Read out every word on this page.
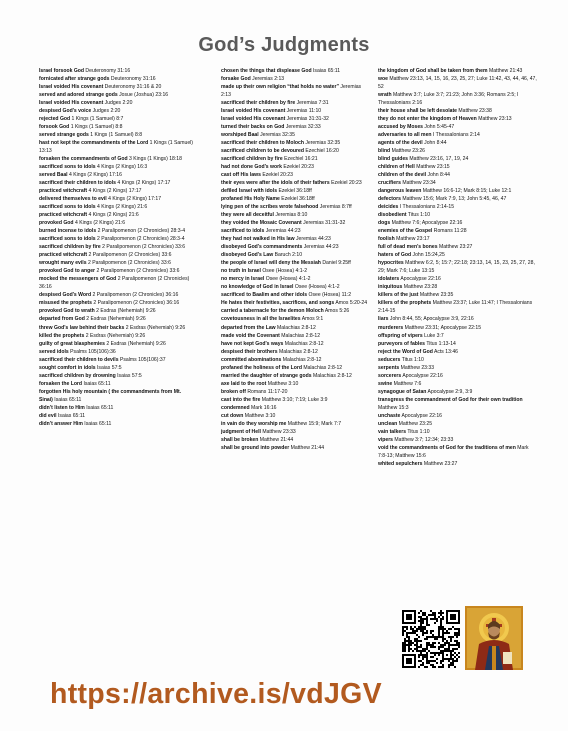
God’s Judgments
Israel forsook God Deuteronomy 31:16
fornicated after strange gods Deuteronomy 31:16
Israel voided His covenant Deuteronomy 31:16 & 20
served and adored strange gods Josue (Joshua) 23:16
Israel voided His covenant Judges 2:20
despised God’s voice Judges 2:20
rejected God 1 Kings (1 Samuel) 8:7
forsook God 1 Kings (1 Samuel) 8:8
served strange gods 1 Kings (1 Samuel) 8:8
hast not kept the commandments of the Lord 1 Kings (1 Samuel) 13:13
forsaken the commandments of God 3 Kings (1 Kings) 18:18
sacrificed sons to idols 4 Kings (2 Kings) 16:3
served Baal 4 Kings (2 Kings) 17:16
sacrificed their children to idols 4 Kings (2 Kings) 17:17
practiced witchcraft 4 Kings (2 Kings) 17:17
delivered themselves to evil 4 Kings (2 Kings) 17:17
sacrificed sons to idols 4 Kings (2 Kings) 21:6
practiced witchcraft 4 Kings (2 Kings) 21:6
provoked God 4 Kings (2 Kings) 21:6
burned incense to idols 2 Paralipomenon (2 Chronicles) 28:3-4
sacrificed sons to idols 2 Paralipomenon (2 Chronicles) 28:3-4
sacrificed children by fire 2 Paralipomenon (2 Chronicles) 33:6
practiced witchcraft 2 Paralipomenon (2 Chronicles) 33:6
wrought many evils 2 Paralipomenon (2 Chronicles) 33:6
provoked God to anger 2 Paralipomenon (2 Chronicles) 33:6
mocked the messengers of God 2 Paralipomenon (2 Chronicles) 36:16
despised God’s Word 2 Paralipomenon (2 Chronicles) 36:16
misused the prophets 2 Paralipomenon (2 Chronicles) 36:16
provoked God to wrath 2 Esdras (Nehemiah) 9:26
departed from God 2 Esdras (Nehemiah) 9:26
threw God’s law behind their backs 2 Esdras (Nehemiah) 9:26
killed the prophets 2 Esdras (Nehemiah) 9:26
guilty of great blasphemies 2 Esdras (Nehemiah) 9:26
served idols Psalms 105(106):36
sacrificed their children to devils Psalms 105(106):37
sought comfort in idols Isaias 57:5
sacrificed children by drowning Isaias 57:5
forsaken the Lord Isaias 65:11
forgotten His holy mountain ( the commandments from Mt. Sinai) Isaias 65:11
didn’t listen to Him Isaias 65:11
did evil Isaias 65:11
didn’t answer Him Isaias 65:11
chosen the things that displease God Isaias 65:11
forsake God Jeremias 2:13
made up their own religion “that holds no water” Jeremias 2:13
sacrificed their children by fire Jeremias 7:31
Israel voided His covenant Jeremias 11:10
Israel voided His covenant Jeremias 31:31-32
turned their backs on God Jeremias 32:33
worshiped Baal Jeremias 32:35
sacrificed their children to Moloch Jeremias 32:35
sacrificed children to be devoured Ezechiel 16:20
sacrificed children by fire Ezechiel 16:21
had not done God’s work Ezekiel 20:23
cast off His laws Ezekiel 20:23
their eyes were after the idols of their fathers Ezekiel 20:23
defiled Israel with idols Ezekiel 36:18ff
profaned His Holy Name Ezekiel 36:18ff
lying pen of the scribes wrote falsehood Jeremias 8:7ff
they were all deceitful Jeremias 8:10
they voided the Mosaic Covenant Jeremias 31:31-32
sacrificed to idols Jeremias 44:23
they had not walked in His law Jeremias 44:23
disobeyed God’s commandments Jeremias 44:23
disobeyed God’s Law Baruch 2:10
the people of Israel will deny the Messiah Daniel 9:25ff
no truth in Israel Osee (Hosea) 4:1-2
no mercy in Israel Osee (Hosea) 4:1-2
no knowledge of God in Israel Osee (Hosea) 4:1-2
sacrificed to Baalim and other idols Osee (Hosea) 11:2
He hates their festivities, sacrifices, and songs Amos 5:20-24
carried a tabernacle for the demon Moloch Amos 5:26
covetousness in all the Israelites Amos 9:1
departed from the Law Malachias 2:8-12
made void the Covenant Malachias 2:8-12
have not kept God’s ways Malachias 2:8-12
despised their brothers Malachias 2:8-12
committed abominations Malachias 2:8-12
profaned the holiness of the Lord Malachias 2:8-12
married the daughter of strange gods Malachias 2:8-12
axe laid to the root Matthew 3:10
broken off Romans 11:17-20
cast into the fire Matthew 3:10; 7:19; Luke 3:9
condemned Mark 16:16
cut down Matthew 3:10
in vain do they worship me Matthew 15:9; Mark 7:7
judgment of Hell Matthew 23:33
shall be broken Matthew 21:44
shall be ground into powder Matthew 21:44
the kingdom of God shall be taken from them Matthew 21:43
woe Matthew 23:13, 14, 15, 16, 23, 25, 27; Luke 11:42, 43, 44, 46, 47, 52
wrath Matthew 3:7; Luke 3:7; 21:23; John 3:36; Romans 2:5; I Thessalonians 2:16
their house shall be left desolate Matthew 23:38
they do not enter the kingdom of Heaven Matthew 23:13
accused by Moses John 5:45-47
adversaries to all men I Thessalonians 2:14
agents of the devil John 8:44
blind Matthew 23:26
blind guides Matthew 23:16, 17, 19, 24
children of Hell Matthew 23:15
children of the devil John 8:44
crucifiers Matthew 23:34
dangerous leaven Matthew 16:6-12; Mark 8:15; Luke 12:1
defectors Matthew 15:6; Mark 7:9, 13; John 5:45, 46, 47
deicides I Thessalonians 2:14-15
disobedient Titus 1:10
dogs Matthew 7:6; Apocalypse 22:16
enemies of the Gospel Romans 11:28
foolish Matthew 23:17
full of dead men’s bones Matthew 23:27
haters of God John 15:24,25
hypocrites Matthew 6:2, 5; 15:7; 22:18; 23:13, 14, 15, 23, 25, 27, 28, 29; Mark 7:6; Luke 13:15
idolaters Apocalypse 22:16
iniquitous Matthew 23:28
killers of the just Matthew 23:35
killers of the prophets Matthew 23:37; Luke 11:47; I Thessalonians 2:14-15
liars John 8:44, 55; Apocalypse 3:9, 22:16
murderers Matthew 23:31; Apocalypse 22:15
offspring of vipers Luke 3:7
purveyors of fables Titus 1:13-14
reject the Word of God Acts 13:46
seducers Titus 1:10
serpents Matthew 23:33
sorcerers Apocalypse 22:16
swine Matthew 7:6
synagogue of Satan Apocalypse 2:9, 3:9
transgress the commandment of God for their own tradition Matthew 15:3
unchaste Apocalypse 22:16
unclean Matthew 23:25
vain talkers Titus 1:10
vipers Matthew 3:7; 12:34; 23:33
void the commandments of God for the traditions of men Mark 7:8-13; Matthew 15:6
whited sepulchers Matthew 23:27
https://archive.is/vdJGV
